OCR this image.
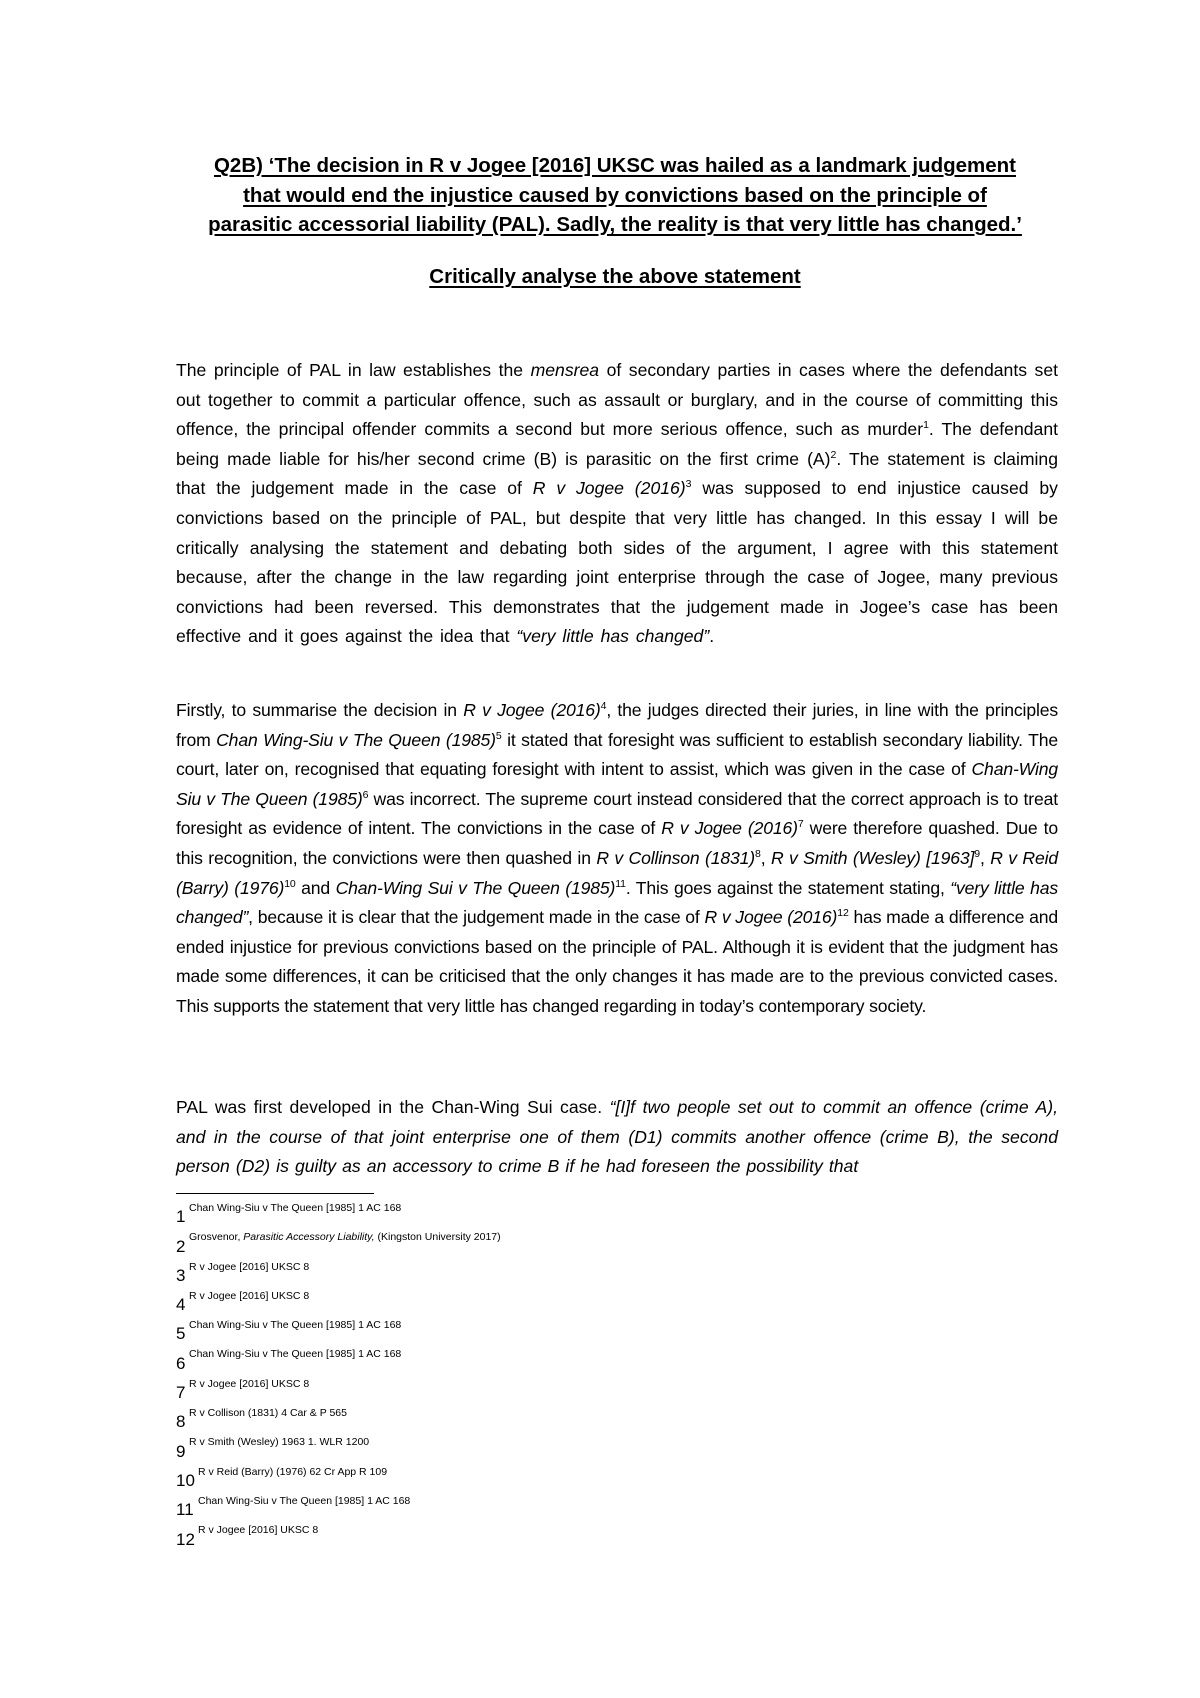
Q2B) ‘The decision in R v Jogee [2016] UKSC was hailed as a landmark judgement
that would end the injustice caused by convictions based on the principle of
parasitic accessorial liability (PAL). Sadly, the reality is that very little has changed.’
Critically analyse the above statement

The principle of PAL in law establishes the mensrea of secondary parties in cases where the defendants set out together to commit a particular offence, such as assault or burglary, and in the course of committing this offence, the principal offender commits a second but more serious offence, such as murder$^1$. The defendant being made liable for his/her second crime (B) is parasitic on the first crime $(A)^2$. The statement is claiming that the judgement made in the case of R v Jogee $(2016)^3$ was supposed to end injustice caused by convictions based on the principle of PAL, but despite that very little has changed. In this essay I will be critically analysing the statement and debating both sides of the argument, I agree with this statement because, after the change in the law regarding joint enterprise through the case of Jogee, many previous convictions had been reversed. This demonstrates that the judgement made in Jogee’s case has been effective and it goes against the idea that “very little has changed”.

Firstly, to summarise the decision in R v Jogee $(2016)^4$, the judges directed their juries, in line with the principles from Chan Wing-Siu v The Queen $(1985)^5$ it stated that foresight was sufficient to establish secondary liability. The court, later on, recognised that equating foresight with intent to assist, which was given in the case of Chan-Wing Siu v The Queen $(1985)^6$ was incorrect. The supreme court instead considered that the correct approach is to treat foresight as evidence of intent. The convictions in the case of R v Jogee $(2016)^7$ were therefore quashed. Due to this recognition, the convictions were then quashed in R v Collinson $(1831)^8$, R v Smith (Wesley) $[1963]^9$, R v Reid (Barry) $(1976)^{10}$ and Chan-Wing Sui v The Queen $(1985)^{11}$. This goes against the statement stating, “very little has changed”, because it is clear that the judgement made in the case of R v Jogee $(2016)^{12}$ has made a difference and ended injustice for previous convictions based on the principle of PAL. Although it is evident that the judgment has made some differences, it can be criticised that the only changes it has made are to the previous convicted cases. This supports the statement that very little has changed regarding in today’s contemporary society.

PAL was first developed in the Chan-Wing Sui case. “[I]f two people set out to commit an offence (crime A), and in the course of that joint enterprise one of them (D1) commits another offence (crime B), the second person (D2) is guilty as an accessory to crime B if he had foreseen the possibility that

1 Chan Wing-Siu v The Queen [1985] 1 AC 168
2 Grosvenor, Parasitic Accessory Liability, (Kingston University 2017)
3 R v Jogee [2016] UKSC 8
4 R v Jogee [2016] UKSC 8
5 Chan Wing-Siu v The Queen [1985] 1 AC 168
6 Chan Wing-Siu v The Queen [1985] 1 AC 168
7 R v Jogee [2016] UKSC 8
8 R v Collison (1831) 4 Car & P 565
9 R v Smith (Wesley) 1963 1. WLR 1200
10 R v Reid (Barry) (1976) 62 Cr App R 109
11 Chan Wing-Siu v The Queen [1985] 1 AC 168
12 R v Jogee [2016] UKSC 8
